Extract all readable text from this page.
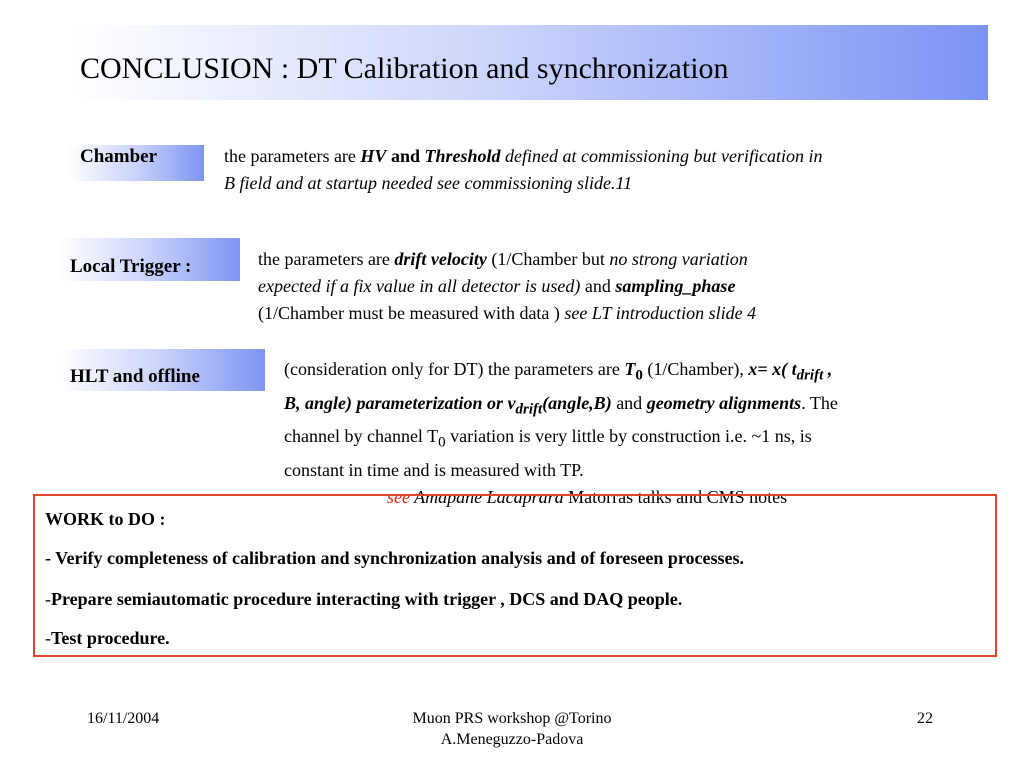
CONCLUSION : DT Calibration and synchronization
Chamber	the parameters are HV and Threshold defined at commissioning but verification in
B field and at startup needed see commissioning slide.11
Local Trigger :	the parameters are drift velocity (1/Chamber but no strong variation
expected if a fix value in all detector is used) and sampling_phase
(1/Chamber must be measured with data ) see LT introduction slide 4
HLT and offline	(consideration only for DT) the parameters are $T_0$ (1/Chamber), x= x( $t_{drift}$ ,
B, angle) parameterization or $v_{drift}(angle,B)$ and geometry alignments. The
channel by channel $T_0$ variation is very little by construction i.e. ~1 ns, is
constant in time and is measured with TP.
see Amapane Lacaprara Matorras talks and CMS notes
WORK to DO :
- Verify completeness of calibration and synchronization analysis and of foreseen processes.
-Prepare semiautomatic procedure interacting with trigger , DCS and DAQ people.
-Test procedure.
16/11/2004	Muon PRS workshop @Torino
A.Meneguzzo-Padova
22
